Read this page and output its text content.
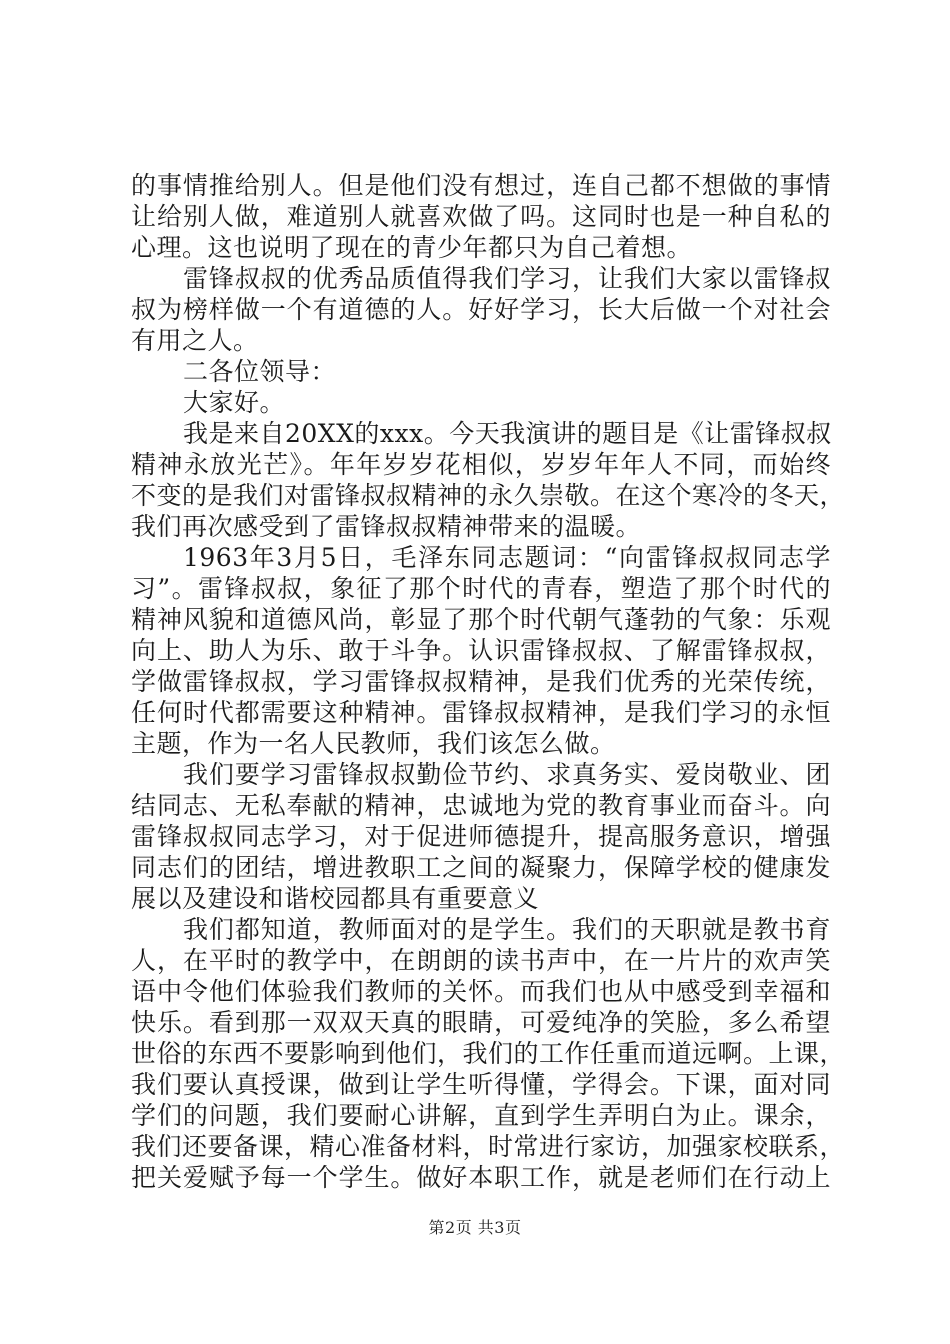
的事情推给别人。但是他们没有想过，连自己都不想做的事情
让给别人做，难道别人就喜欢做了吗。这同时也是一种自私的
心理。这也说明了现在的青少年都只为自己着想。
雷锋叔叔的优秀品质值得我们学习，让我们大家以雷锋叔
叔为榜样做一个有道德的人。好好学习，长大后做一个对社会
有用之人。
二各位领导：
大家好。
我是来自20XX的xxx。今天我演讲的题目是《让雷锋叔叔
精神永放光芒》。年年岁岁花相似，岁岁年年人不同，而始终
不变的是我们对雷锋叔叔精神的永久崇敬。在这个寒冷的冬天，
我们再次感受到了雷锋叔叔精神带来的温暖。
1963年3月5日，毛泽东同志题词：“向雷锋叔叔同志学
习”。雷锋叔叔，象征了那个时代的青春，塑造了那个时代的
精神风貌和道德风尚，彰显了那个时代朝气蓬勃的气象：乐观
向上、助人为乐、敢于斗争。认识雷锋叔叔、了解雷锋叔叔，
学做雷锋叔叔，学习雷锋叔叔精神，是我们优秀的光荣传统，
任何时代都需要这种精神。雷锋叔叔精神，是我们学习的永恒
主题，作为一名人民教师，我们该怎么做。
我们要学习雷锋叔叔勤俭节约、求真务实、爱岗敬业、团
结同志、无私奉献的精神，忠诚地为党的教育事业而奋斗。向
雷锋叔叔同志学习，对于促进师德提升，提高服务意识，增强
同志们的团结，增进教职工之间的凝聚力，保障学校的健康发
展以及建设和谐校园都具有重要意义
我们都知道，教师面对的是学生。我们的天职就是教书育
人，在平时的教学中，在朗朗的读书声中，在一片片的欢声笑
语中令他们体验我们教师的关怀。而我们也从中感受到幸福和
快乐。看到那一双双天真的眼睛，可爱纯净的笑脸，多么希望
世俗的东西不要影响到他们，我们的工作任重而道远啊。上课，
我们要认真授课，做到让学生听得懂，学得会。下课，面对同
学们的问题，我们要耐心讲解，直到学生弄明白为止。课余，
我们还要备课，精心准备材料，时常进行家访，加强家校联系，
把关爱赋予每一个学生。做好本职工作，就是老师们在行动上
第2页 共3页
